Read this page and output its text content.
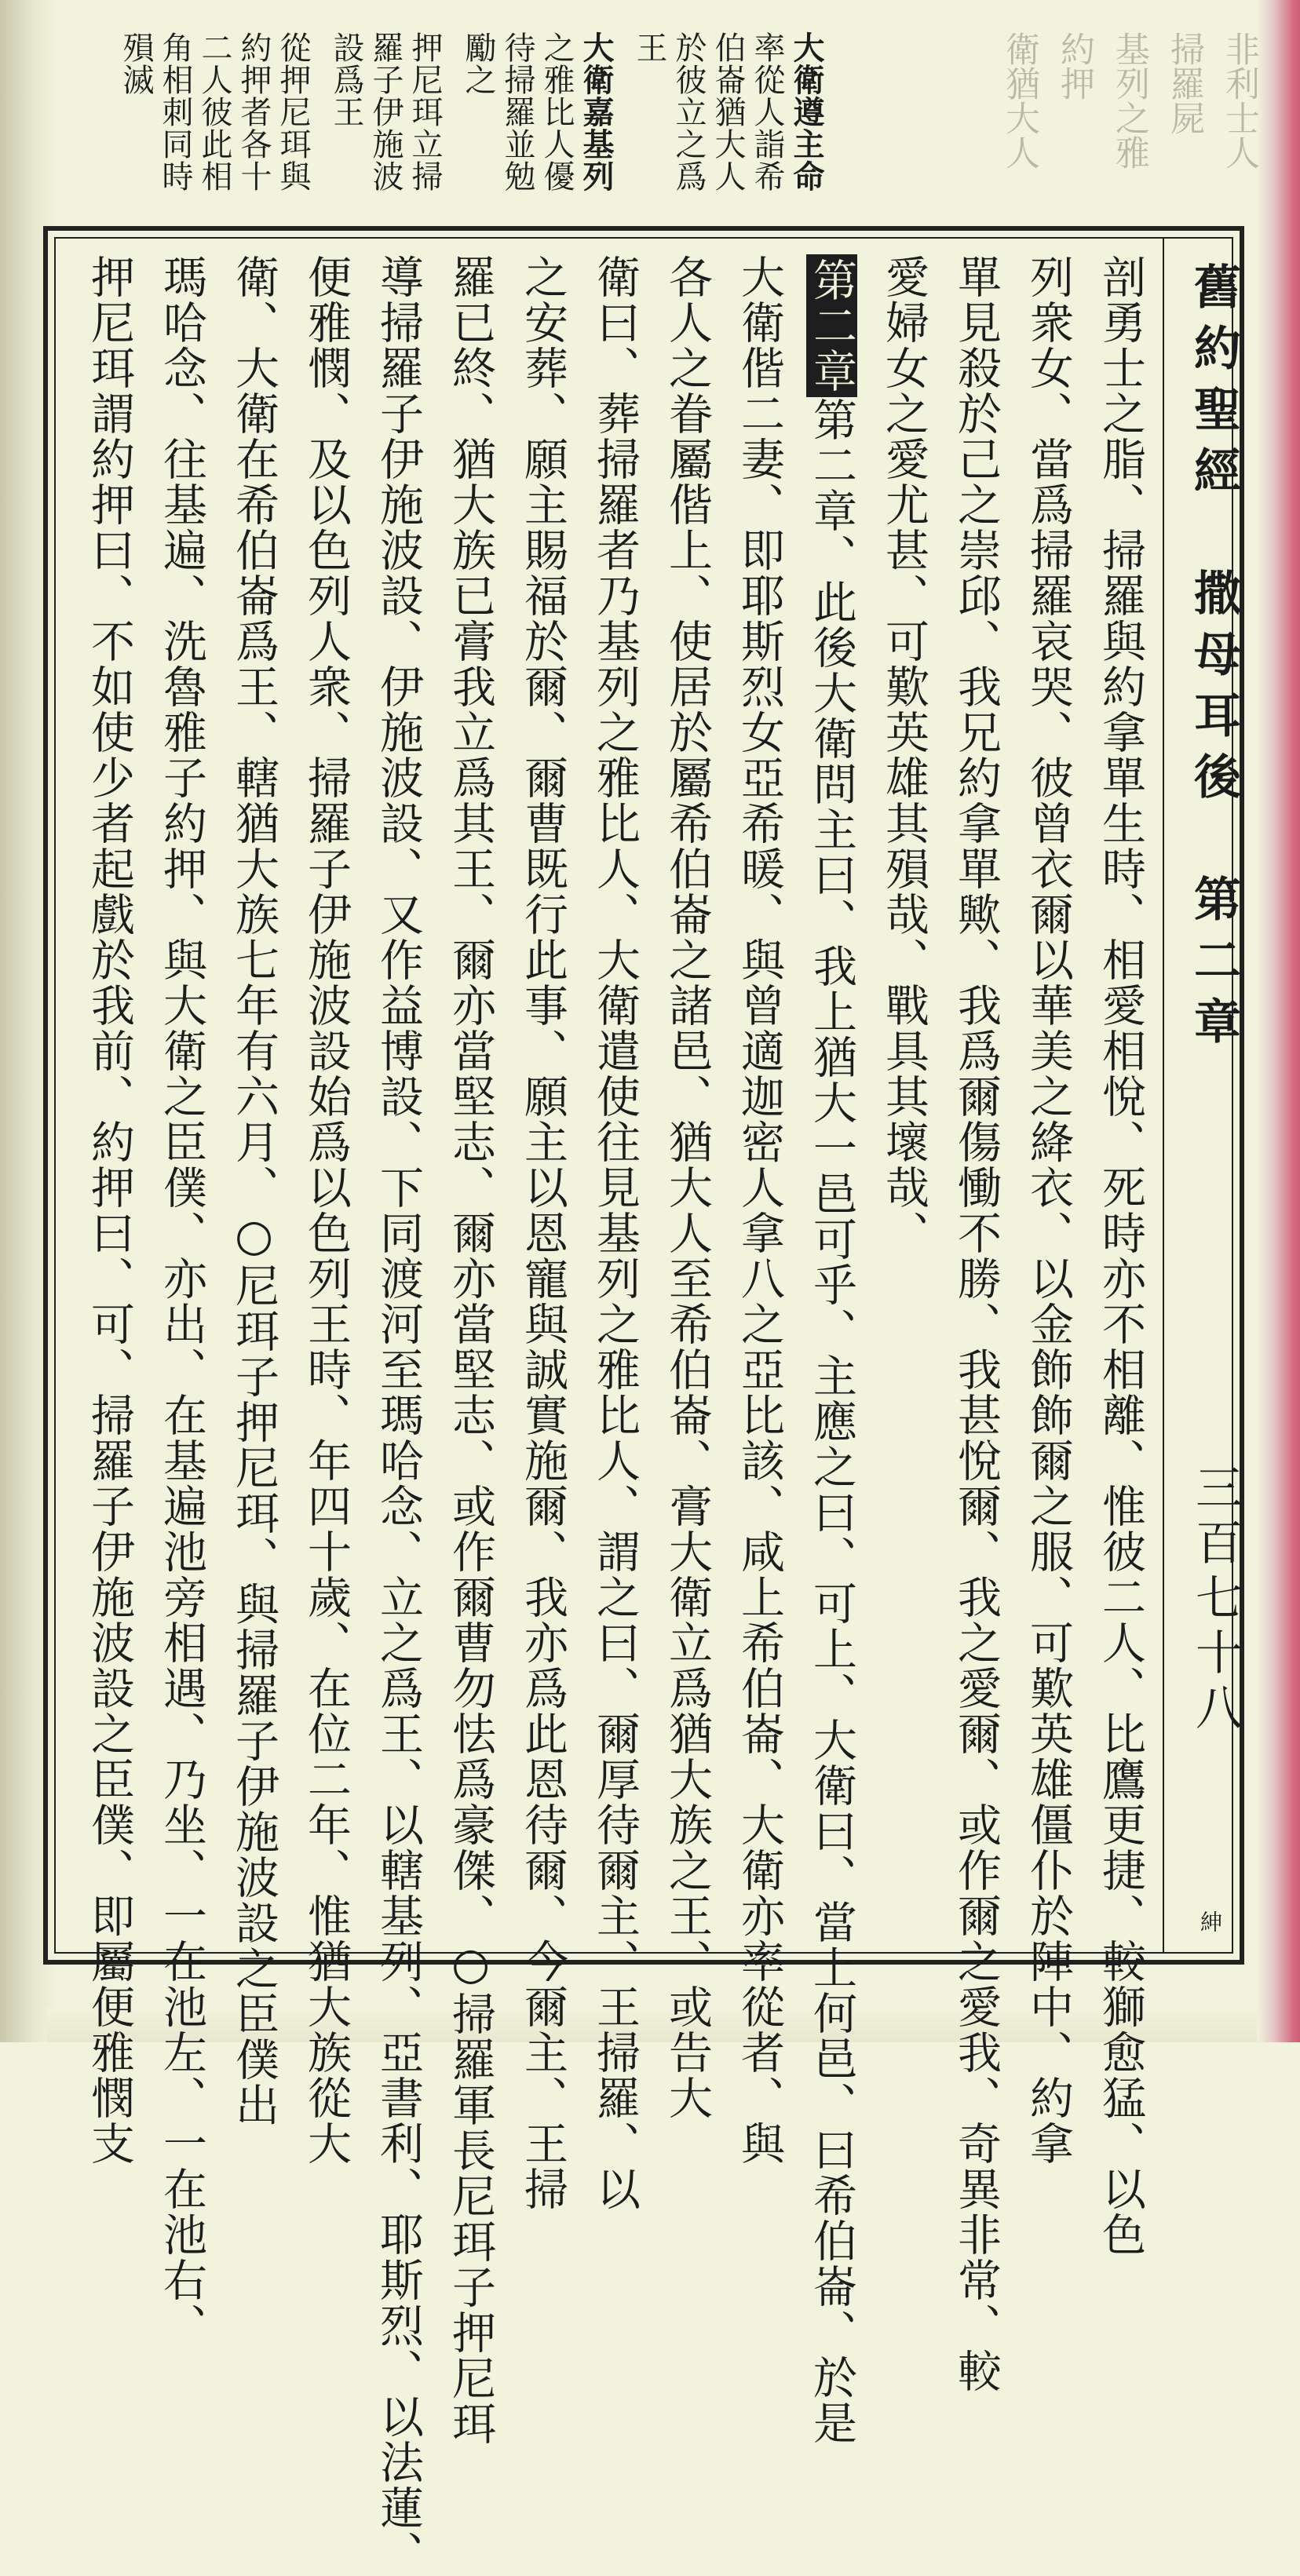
非利士人
掃羅屍
基列之雅
約押
衛猶大人
大衛遵主命
率從人詣希
伯崙猶大人
於彼立之爲
王
大衛嘉基列
之雅比人優
待掃羅並勉
勵之
押尼珥立掃
羅子伊施波
設爲王
從押尼珥與
約押者各十
二人彼此相
角相刺同時
殞滅
舊約聖經　撒母耳後　第二章
三百七十八
紳
剖勇士之脂、掃羅與約拿單生時、相愛相悅、死時亦不相離、惟彼二人、比鷹更捷、較獅愈猛、以色
列衆女、當爲掃羅哀哭、彼曾衣爾以華美之絳衣、以金飾飾爾之服、可歎英雄僵仆於陣中、約拿
單見殺於己之崇邱、我兄約拿單歟、我爲爾傷慟不勝、我甚悅爾、我之愛爾、或作爾之愛我、奇異非常、較
愛婦女之愛尤甚、可歎英雄其殞哉、戰具其壞哉、
第二章第二章、此後大衛問主曰、我上猶大一邑可乎、主應之曰、可上、大衛曰、當上何邑、曰希伯崙、於是
大衛偕二妻、即耶斯烈女亞希暖、與曾適迦密人拿八之亞比該、咸上希伯崙、大衛亦率從者、與
各人之眷屬偕上、使居於屬希伯崙之諸邑、猶大人至希伯崙、膏大衛立爲猶大族之王、或告大
衛曰、葬掃羅者乃基列之雅比人、大衛遣使往見基列之雅比人、謂之曰、爾厚待爾主、王掃羅、以
之安葬、願主賜福於爾、爾曹既行此事、願主以恩寵與誠實施爾、我亦爲此恩待爾、今爾主、王掃
羅已終、猶大族已膏我立爲其王、爾亦當堅志、爾亦當堅志、或作爾曹勿怯爲豪傑、○掃羅軍長尼珥子押尼珥
導掃羅子伊施波設、伊施波設、又作益博設、下同渡河至瑪哈念、立之爲王、以轄基列、亞書利、耶斯烈、以法蓮、
便雅憫、及以色列人衆、掃羅子伊施波設始爲以色列王時、年四十歲、在位二年、惟猶大族從大
衛、大衛在希伯崙爲王、轄猶大族七年有六月、○尼珥子押尼珥、與掃羅子伊施波設之臣僕出
瑪哈念、往基遍、洗魯雅子約押、與大衛之臣僕、亦出、在基遍池旁相遇、乃坐、一在池左、一在池右、
押尼珥謂約押曰、不如使少者起戲於我前、約押曰、可、掃羅子伊施波設之臣僕、即屬便雅憫支
